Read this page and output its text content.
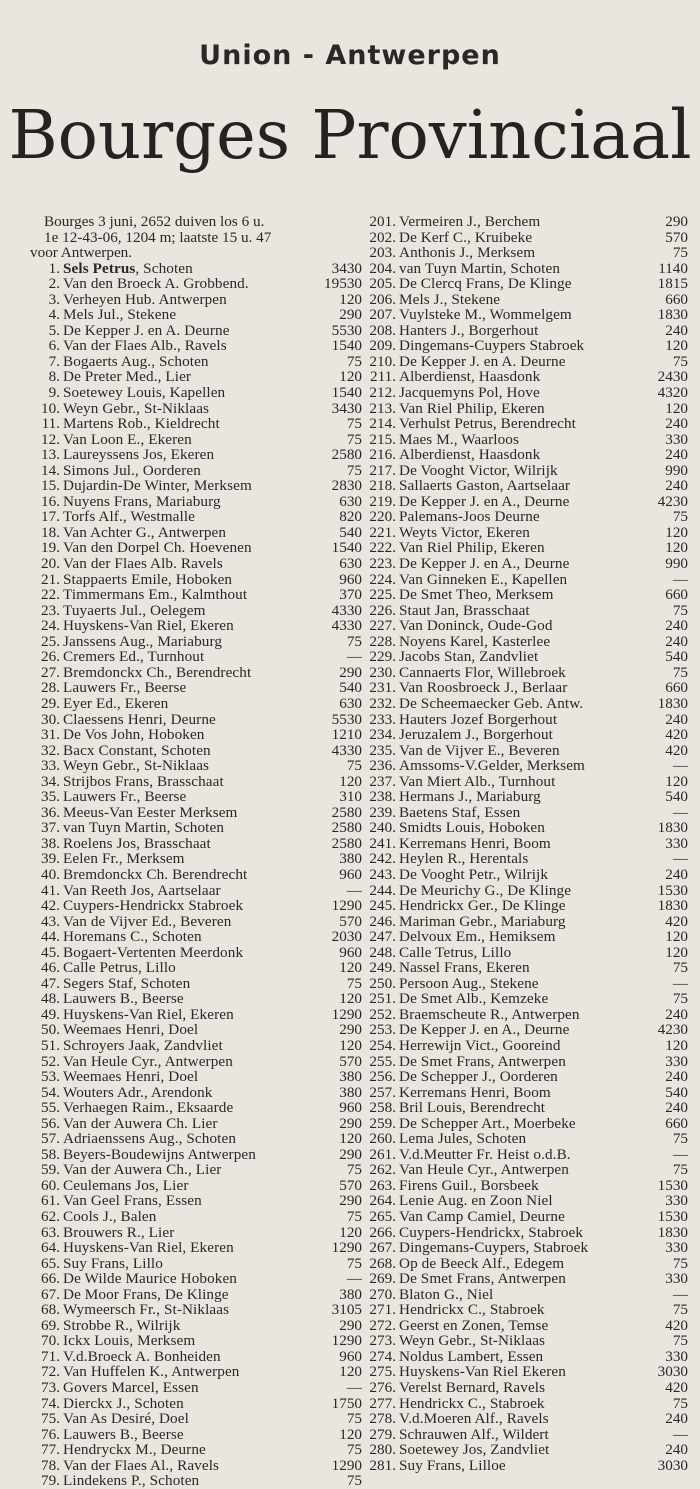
Union - Antwerpen
Bourges Provinciaal
Bourges 3 juni, 2652 duiven los 6 u.
1e 12-43-06, 1204 m; laatste 15 u. 47

voor Antwerpen.
1. Sels Petrus, Schoten	3430
2. Van den Broeck A. Grobbend.	19530
3. Verheyen Hub. Antwerpen	120
4. Mels Jul., Stekene	290
5. De Kepper J. en A. Deurne	5530
6. Van der Flaes Alb., Ravels	1540
7. Bogaerts Aug., Schoten	75
8. De Preter Med., Lier	120
9. Soetewey Louis, Kapellen	1540
10. Weyn Gebr., St-Niklaas	3430
11. Martens Rob., Kieldrecht	75
12. Van Loon E., Ekeren	75
13. Laureyssens Jos, Ekeren	2580
14. Simons Jul., Oorderen	75
15. Dujardin-De Winter, Merksem	2830
16. Nuyens Frans, Mariaburg	630
17. Torfs Alf., Westmalle	820
18. Van Achter G., Antwerpen	540
19. Van den Dorpel Ch. Hoevenen	1540
20. Van der Flaes Alb. Ravels	630
21. Stappaerts Emile, Hoboken	960
22. Timmermans Em., Kalmthout	370
23. Tuyaerts Jul., Oelegem	4330
24. Huyskens-Van Riel, Ekeren	4330
25. Janssens Aug., Mariaburg	75
26. Cremers Ed., Turnhout	—
27. Bremdonckx Ch., Berendrecht	290
28. Lauwers Fr., Beerse	540
29. Eyer Ed., Ekeren	630
30. Claessens Henri, Deurne	5530
31. De Vos John, Hoboken	1210
32. Bacx Constant, Schoten	4330
33. Weyn Gebr., St-Niklaas	75
34. Strijbos Frans, Brasschaat	120
35. Lauwers Fr., Beerse	310
36. Meeus-Van Eester Merksem	2580
37. van Tuyn Martin, Schoten	2580
38. Roelens Jos, Brasschaat	2580
39. Eelen Fr., Merksem	380
40. Bremdonckx Ch. Berendrecht	960
41. Van Reeth Jos, Aartselaar	—
42. Cuypers-Hendrickx Stabroek	1290
43. Van de Vijver Ed., Beveren	570
44. Horemans C., Schoten	2030
45. Bogaert-Vertenten Meerdonk	960
46. Calle Petrus, Lillo	120
47. Segers Staf, Schoten	75
48. Lauwers B., Beerse	120
49. Huyskens-Van Riel, Ekeren	1290
50. Weemaes Henri, Doel	290
51. Schroyers Jaak, Zandvliet	120
52. Van Heule Cyr., Antwerpen	570
53. Weemaes Henri, Doel	380
54. Wouters Adr., Arendonk	380
55. Verhaegen Raim., Eksaarde	960
56. Van der Auwera Ch. Lier	290
57. Adriaenssens Aug., Schoten	120
58. Beyers-Boudewijns Antwerpen	290
59. Van der Auwera Ch., Lier	75
60. Ceulemans Jos, Lier	570
61. Van Geel Frans, Essen	290
62. Cools J., Balen	75
63. Brouwers R., Lier	120
64. Huyskens-Van Riel, Ekeren	1290
65. Suy Frans, Lillo	75
66. De Wilde Maurice Hoboken	—
67. De Moor Frans, De Klinge	380
68. Wymeersch Fr., St-Niklaas	3105
69. Strobbe R., Wilrijk	290
70. Ickx Louis, Merksem	1290
71. V.d.Broeck A. Bonheiden	960
72. Van Huffelen K., Antwerpen	120
73. Govers Marcel, Essen	—
74. Dierckx J., Schoten	1750
75. Van As Desiré, Doel	75
76. Lauwers B., Beerse	120
77. Hendryckx M., Deurne	75
78. Van der Flaes Al., Ravels	1290
79. Lindekens P., Schoten	75
201. Vermeiren J., Berchem	290
202. De Kerf C., Kruibeke	570
203. Anthonis J., Merksem	75
204. van Tuyn Martin, Schoten	1140
205. De Clercq Frans, De Klinge	1815
206. Mels J., Stekene	660
207. Vuylsteke M., Wommelgem	1830
208. Hanters J., Borgerhout	240
209. Dingemans-Cuypers Stabroek	120
210. De Kepper J. en A. Deurne	75
211. Alberdienst, Haasdonk	2430
212. Jacquemyns Pol, Hove	4320
213. Van Riel Philip, Ekeren	120
214. Verhulst Petrus, Berendrecht	240
215. Maes M., Waarloos	330
216. Alberdienst, Haasdonk	240
217. De Vooght Victor, Wilrijk	990
218. Sallaerts Gaston, Aartselaar	240
219. De Kepper J. en A., Deurne	4230
220. Palemans-Joos Deurne	75
221. Weyts Victor, Ekeren	120
222. Van Riel Philip, Ekeren	120
223. De Kepper J. en A., Deurne	990
224. Van Ginneken E., Kapellen	—
225. De Smet Theo, Merksem	660
226. Staut Jan, Brasschaat	75
227. Van Doninck, Oude-God	240
228. Noyens Karel, Kasterlee	240
229. Jacobs Stan, Zandvliet	540
230. Cannaerts Flor, Willebroek	75
231. Van Roosbroeck J., Berlaar	660
232. De Scheemaecker Geb. Antw.	1830
233. Hauters Jozef Borgerhout	240
234. Jeruzalem J., Borgerhout	420
235. Van de Vijver E., Beveren	420
236. Amssoms-V.Gelder, Merksem	—
237. Van Miert Alb., Turnhout	120
238. Hermans J., Mariaburg	540
239. Baetens Staf, Essen	—
240. Smidts Louis, Hoboken	1830
241. Kerremans Henri, Boom	330
242. Heylen R., Herentals	—
243. De Vooght Petr., Wilrijk	240
244. De Meurichy G., De Klinge	1530
245. Hendrickx Ger., De Klinge	1830
246. Mariman Gebr., Mariaburg	420
247. Delvoux Em., Hemiksem	120
248. Calle Tetrus, Lillo	120
249. Nassel Frans, Ekeren	75
250. Persoon Aug., Stekene	—
251. De Smet Alb., Kemzeke	75
252. Braemscheute R., Antwerpen	240
253. De Kepper J. en A., Deurne	4230
254. Herrewijn Vict., Gooreind	120
255. De Smet Frans, Antwerpen	330
256. De Schepper J., Oorderen	240
257. Kerremans Henri, Boom	540
258. Bril Louis, Berendrecht	240
259. De Schepper Art., Moerbeke	660
260. Lema Jules, Schoten	75
261. V.d.Meutter Fr. Heist o.d.B.	—
262. Van Heule Cyr., Antwerpen	75
263. Firens Guil., Borsbeek	1530
264. Lenie Aug. en Zoon Niel	330
265. Van Camp Camiel, Deurne	1530
266. Cuypers-Hendrickx, Stabroek	1830
267. Dingemans-Cuypers, Stabroek	330
268. Op de Beeck Alf., Edegem	75
269. De Smet Frans, Antwerpen	330
270. Blaton G., Niel	—
271. Hendrickx C., Stabroek	75
272. Geerst en Zonen, Temse	420
273. Weyn Gebr., St-Niklaas	75
274. Noldus Lambert, Essen	330
275. Huyskens-Van Riel Ekeren	3030
276. Verelst Bernard, Ravels	420
277. Hendrickx C., Stabroek	75
278. V.d.Moeren Alf., Ravels	240
279. Schrauwen Alf., Wildert	—
280. Soetewey Jos, Zandvliet	240
281. Suy Frans, Lilloe	3030
